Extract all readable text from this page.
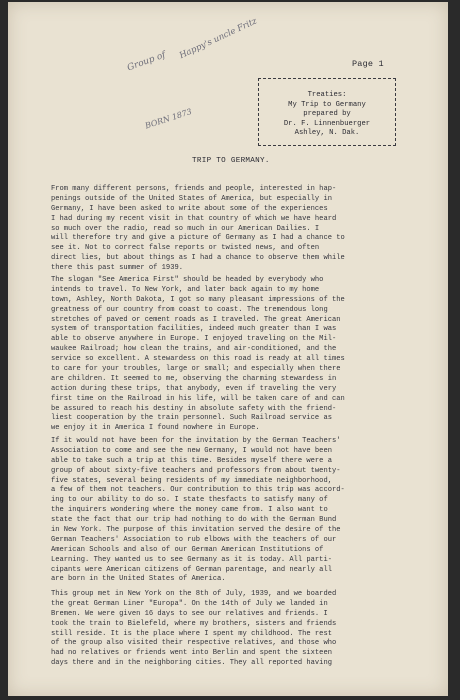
Page 1
Group of
Happy's uncle Fritz
BORN 1873
Treaties:
My Trip to Germany
prepared by
Dr. F. Linnenbuerger
Ashley, N. Dak.
TRIP TO GERMANY.
From many different persons, friends and people, interested in hap-
penings outside of the United States of America, but especially in
Germany, I have been asked to write about some of the experiences
I had during my recent visit in that country of which we have heard
so much over the radio, read so much in our American Dailies. I
will therefore try and give a picture of Germany as I had a chance to
see it. Not to correct false reports or twisted news, and often
direct lies, but about things as I had a chance to observe them while
there this past summer of 1939.
The slogan "See America First" should be headed by everybody who
intends to travel. To New York, and later back again to my home
town, Ashley, North Dakota, I got so many pleasant impressions of the
greatness of our country from coast to coast. The tremendous long
stretches of paved or cement roads as I traveled. The great American
system of transportation facilities, indeed much greater than I was
able to observe anywhere in Europe. I enjoyed traveling on the Mil-
waukee Railroad; how clean the trains, and air-conditioned, and the
service so excellent. A stewardess on this road is ready at all times
to care for your troubles, large or small; and especially when there
are children. It seemed to me, observing the charming stewardess in
action during these trips, that anybody, even if traveling the very
first time on the Railroad in his life, will be taken care of and can
be assured to reach his destiny in absolute safety with the friend-
liest cooperation by the train personnel. Such Railroad service as
we enjoy it in America I found nowhere in Europe.
If it would not have been for the invitation by the German Teachers'
Association to come and see the new Germany, I would not have been
able to take such a trip at this time. Besides myself there were a
group of about sixty-five teachers and professors from about twenty-
five states, several being residents of my immediate neighborhood,
a few of them not teachers. Our contribution to this trip was accord-
ing to our ability to do so. I state thesfacts to satisfy many of
the inquirers wondering where the money came from. I also want to
state the fact that our trip had nothing to do with the German Bund
in New York. The purpose of this invitation served the desire of the
German Teachers' Association to rub elbows with the teachers of our
American Schools and also of our German American Institutions of
Learning. They wanted us to see Germany as it is today. All parti-
cipants were American citizens of German parentage, and nearly all
are born in the United States of America.
This group met in New York on the 8th of July, 1939, and we boarded
the great German Liner "Europa". On the 14th of July we landed in
Bremen. We were given 16 days to see our relatives and friends. I
took the train to Bielefeld, where my brothers, sisters and friends
still reside. It is the place where I spent my childhood. The rest
of the group also visited their respective relatives, and those who
had no relatives or friends went into Berlin and spent the sixteen
days there and in the neighboring cities. They all reported having
